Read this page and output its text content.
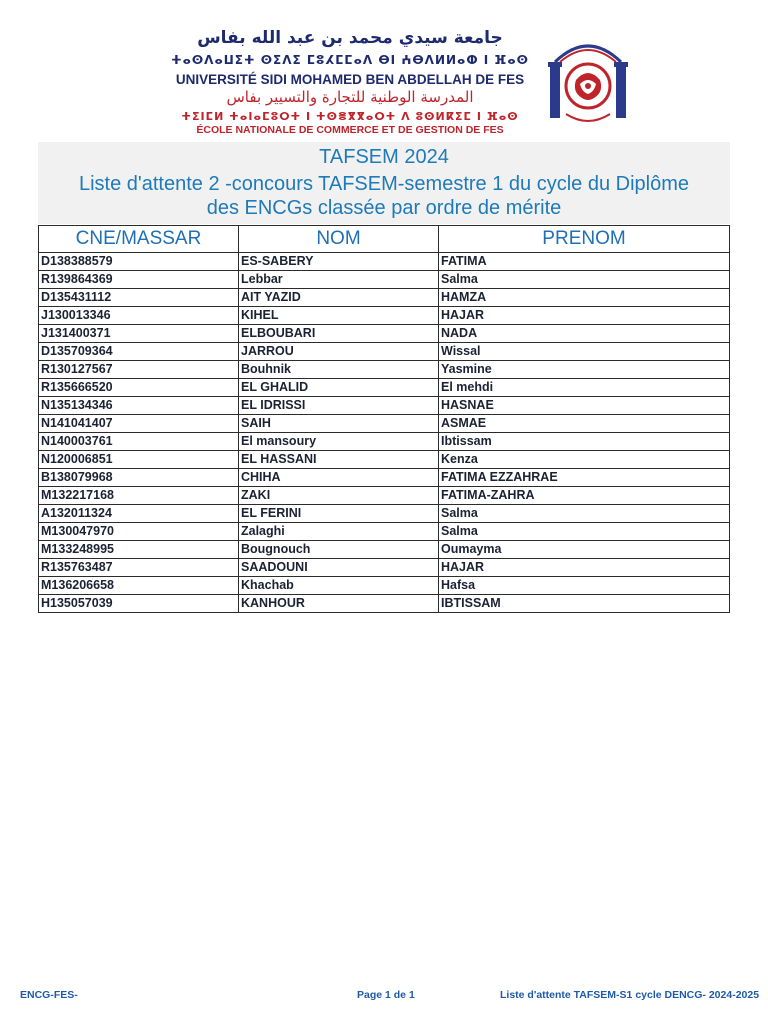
جامعة سيدي محمد بن عبد الله بفاس
ⵜⴰⵙⴷⴰⵡⵉⵜ ⵙⵉⴷⵉ ⵎⵓⵃⵎⵎⴰⴷ ⴱⵏ ⵄⴱⴷⵍⵍⴰⵀ ⵏ ⴼⴰⵙ
UNIVERSITÉ SIDI MOHAMED BEN ABDELLAH DE FES
المدرسة الوطنية للتجارة والتسيير بفاس
ⵜⵉⵏⵎⵍ ⵜⴰⵏⴰⵎⵓⵔⵜ ⵏ ⵜⵙⴻⴳⴳⴰⵔⵜ ⴷ ⵓⵙⵍⴽⵉⵎ ⵏ ⴼⴰⵙ
ÉCOLE NATIONALE DE COMMERCE ET DE GESTION DE FES
TAFSEM 2024
Liste d'attente 2 -concours TAFSEM-semestre 1 du cycle du Diplôme
des ENCGs classée par ordre de mérite
CNE/MASSAR	NOM	PRENOM
D138388579	ES-SABERY	FATIMA
R139864369	Lebbar	Salma
D135431112	AIT YAZID	HAMZA
J130013346	KIHEL	HAJAR
J131400371	ELBOUBARI	NADA
D135709364	JARROU	Wissal
R130127567	Bouhnik	Yasmine
R135666520	EL GHALID	El mehdi
N135134346	EL IDRISSI	HASNAE
N141041407	SAIH	ASMAE
N140003761	El mansoury	Ibtissam
N120006851	EL HASSANI	Kenza
B138079968	CHIHA	FATIMA EZZAHRAE
M132217168	ZAKI	FATIMA-ZAHRA
A132011324	EL FERINI	Salma
M130047970	Zalaghi	Salma
M133248995	Bougnouch	Oumayma
R135763487	SAADOUNI	HAJAR
M136206658	Khachab	Hafsa
H135057039	KANHOUR	IBTISSAM
ENCG-FES-	Page 1 de 1	Liste d'attente TAFSEM-S1 cycle DENCG- 2024-2025
